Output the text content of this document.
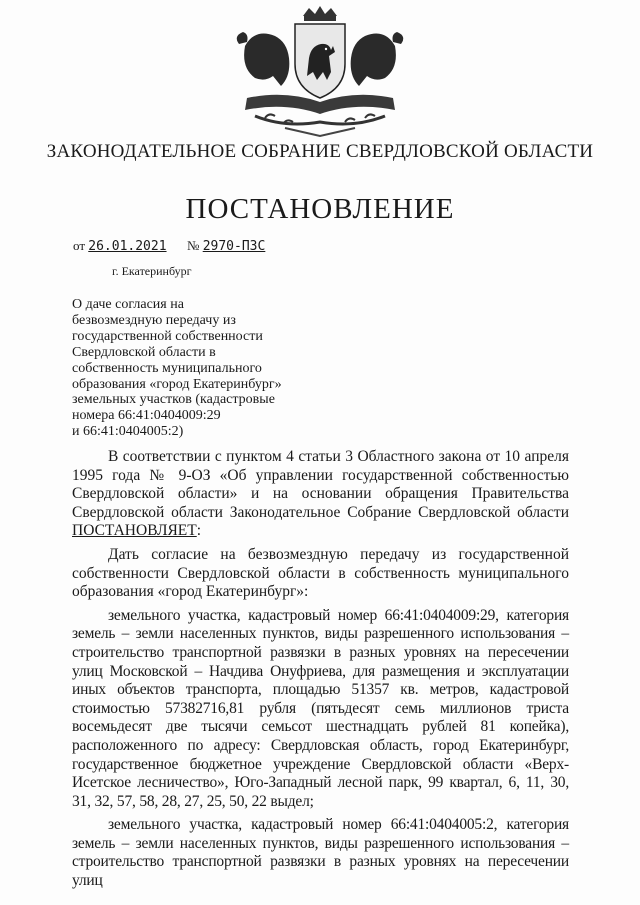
ЗАКОНОДАТЕЛЬНОЕ СОБРАНИЕ СВЕРДЛОВСКОЙ ОБЛАСТИ
ПОСТАНОВЛЕНИЕ
от 26.01.2021 № 2970-ПЗС
г. Екатеринбург
О даче согласия на
безвозмездную передачу из
государственной собственности
Свердловской области в
собственность муниципального
образования «город Екатеринбург»
земельных участков (кадастровые
номера 66:41:0404009:29
и 66:41:0404005:2)

В соответствии с пунктом 4 статьи 3 Областного закона от 10 апреля 1995 года № 9-ОЗ «Об управлении государственной собственностью Свердловской области» и на основании обращения Правительства Свердловской области Законодательное Собрание Свердловской области ПОСТАНОВЛЯЕТ:

Дать согласие на безвозмездную передачу из государственной собственности Свердловской области в собственность муниципального образования «город Екатеринбург»:

земельного участка, кадастровый номер 66:41:0404009:29, категория земель – земли населенных пунктов, виды разрешенного использования – строительство транспортной развязки в разных уровнях на пересечении улиц Московской – Начдива Онуфриева, для размещения и эксплуатации иных объектов транспорта, площадью 51357 кв. метров, кадастровой стоимостью 57382716,81 рубля (пятьдесят семь миллионов триста восемьдесят две тысячи семьсот шестнадцать рублей 81 копейка), расположенного по адресу: Свердловская область, город Екатеринбург, государственное бюджетное учреждение Свердловской области «Верх-Исетское лесничество», Юго-Западный лесной парк, 99 квартал, 6, 11, 30, 31, 32, 57, 58, 28, 27, 25, 50, 22 выдел;

земельного участка, кадастровый номер 66:41:0404005:2, категория земель – земли населенных пунктов, виды разрешенного использования – строительство транспортной развязки в разных уровнях на пересечении улиц
